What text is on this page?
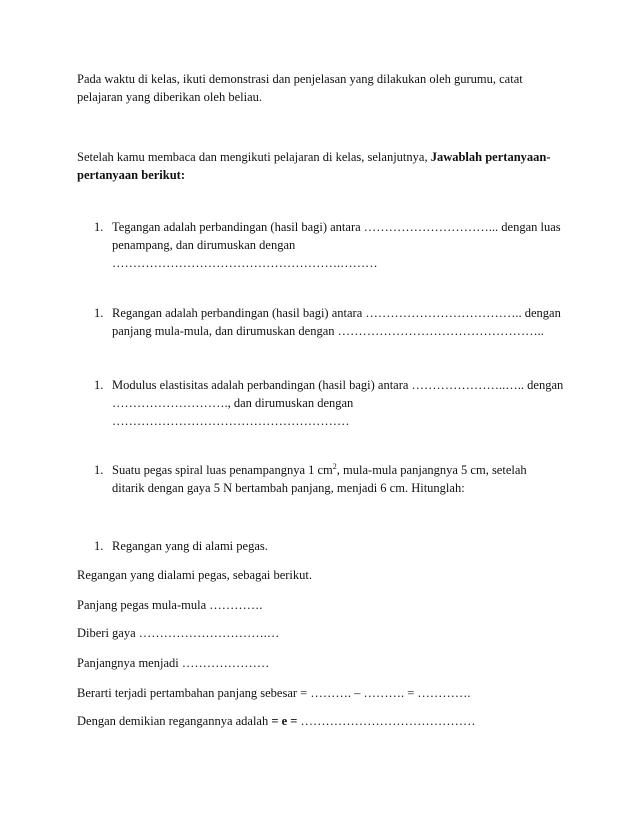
Pada waktu di kelas, ikuti demonstrasi dan penjelasan yang dilakukan oleh gurumu, catat pelajaran yang diberikan oleh beliau.

Setelah kamu membaca dan mengikuti pelajaran di kelas, selanjutnya, Jawablah pertanyaan-pertanyaan berikut:

1. Tegangan adalah perbandingan (hasil bagi) antara …………………………... dengan luas
penampang, dan dirumuskan dengan
……………………………………………….………
1. Regangan adalah perbandingan (hasil bagi) antara ……………………………….. dengan
panjang mula-mula, dan dirumuskan dengan …………………………………………..
1. Modulus elastisitas adalah perbandingan (hasil bagi) antara …………………..….. dengan
………………………., dan dirumuskan dengan
…………………………………………………
1. Suatu pegas spiral luas penampangnya 1 $cm^2$, mula-mula panjangnya 5 cm, setelah
ditarik dengan gaya 5 N bertambah panjang, menjadi 6 cm. Hitunglah:
1. Regangan yang di alami pegas.

Regangan yang dialami pegas, sebagai berikut.

Panjang pegas mula-mula ………….

Diberi gaya ………………………….…

Panjangnya menjadi …………………

Berarti terjadi pertambahan panjang sebesar = ………. – ………. = ………….

Dengan demikian regangannya adalah = e = ……………………………………
